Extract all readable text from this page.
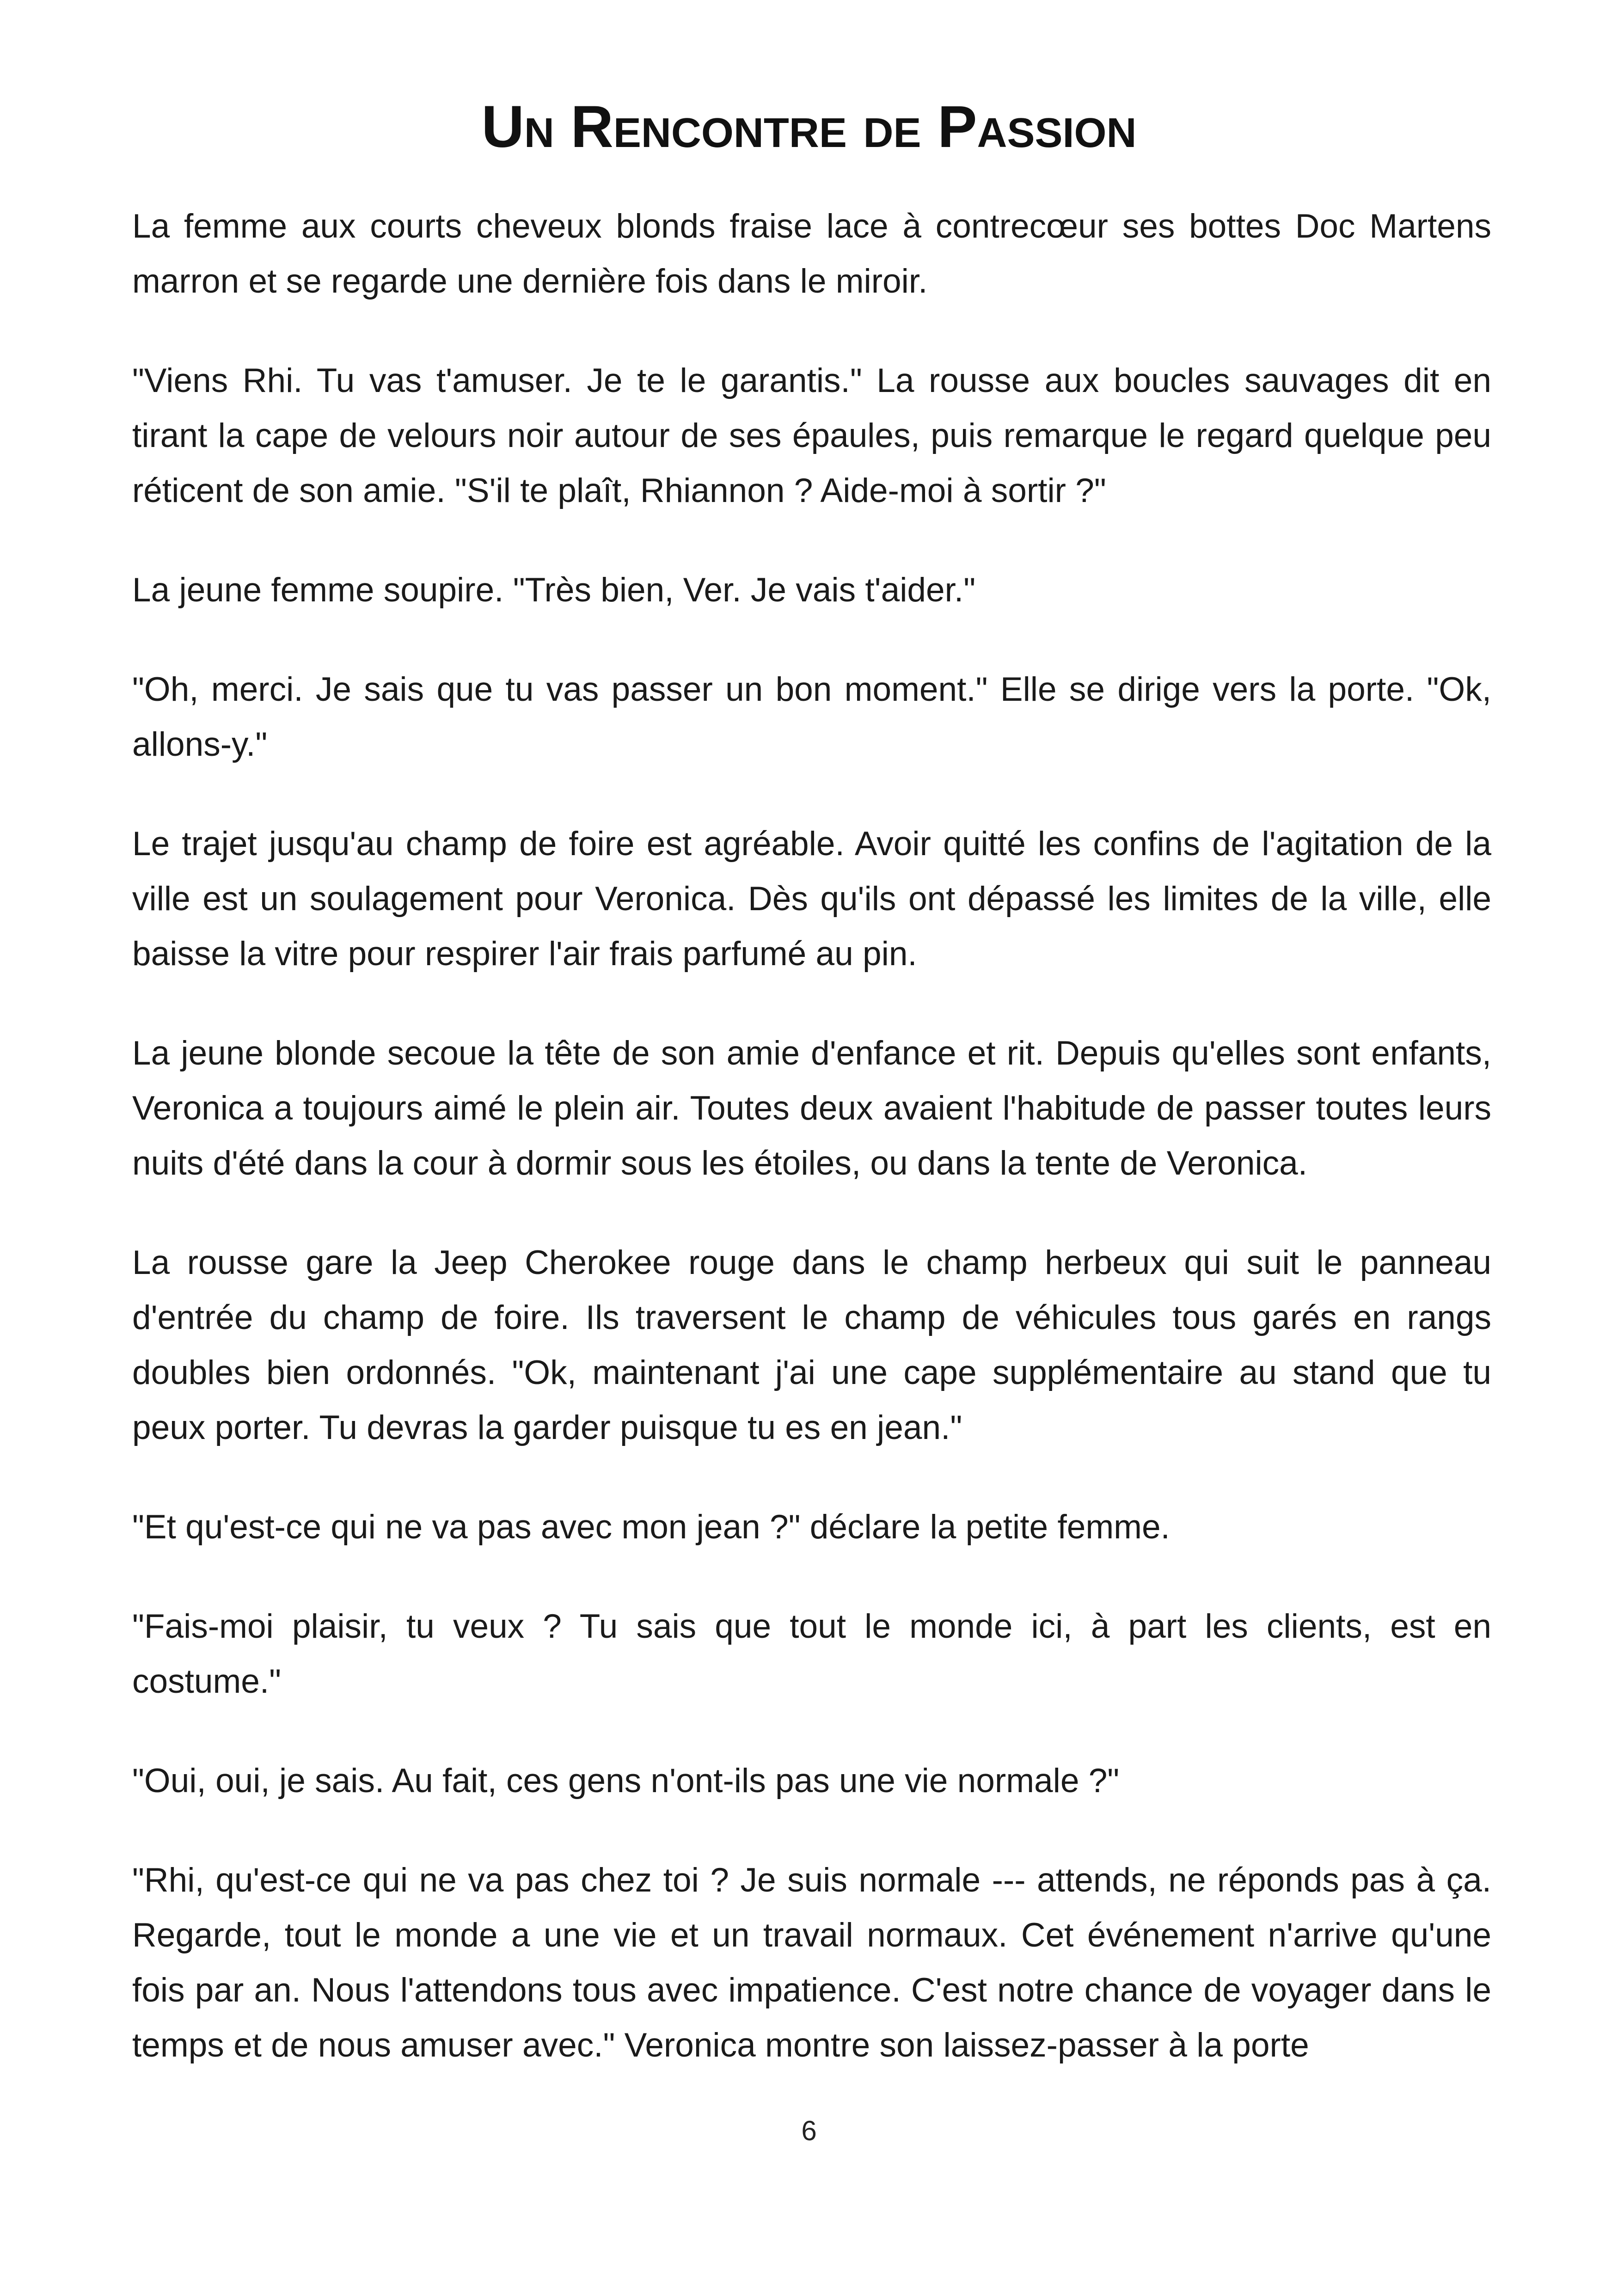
Un Rencontre de Passion

La femme aux courts cheveux blonds fraise lace à contrecœur ses bottes Doc Martens marron et se regarde une dernière fois dans le miroir.

"Viens Rhi. Tu vas t'amuser. Je te le garantis." La rousse aux boucles sauvages dit en tirant la cape de velours noir autour de ses épaules, puis remarque le regard quelque peu réticent de son amie. "S'il te plaît, Rhiannon ? Aide-moi à sortir ?"

La jeune femme soupire. "Très bien, Ver. Je vais t'aider."

"Oh, merci. Je sais que tu vas passer un bon moment." Elle se dirige vers la porte. "Ok, allons-y."

Le trajet jusqu'au champ de foire est agréable. Avoir quitté les confins de l'agitation de la ville est un soulagement pour Veronica. Dès qu'ils ont dépassé les limites de la ville, elle baisse la vitre pour respirer l'air frais parfumé au pin.

La jeune blonde secoue la tête de son amie d'enfance et rit. Depuis qu'elles sont enfants, Veronica a toujours aimé le plein air. Toutes deux avaient l'habitude de passer toutes leurs nuits d'été dans la cour à dormir sous les étoiles, ou dans la tente de Veronica.

La rousse gare la Jeep Cherokee rouge dans le champ herbeux qui suit le panneau d'entrée du champ de foire. Ils traversent le champ de véhicules tous garés en rangs doubles bien ordonnés. "Ok, maintenant j'ai une cape supplémentaire au stand que tu peux porter. Tu devras la garder puisque tu es en jean."

"Et qu'est-ce qui ne va pas avec mon jean ?" déclare la petite femme.

"Fais-moi plaisir, tu veux ? Tu sais que tout le monde ici, à part les clients, est en costume."

"Oui, oui, je sais. Au fait, ces gens n'ont-ils pas une vie normale ?"

"Rhi, qu'est-ce qui ne va pas chez toi ? Je suis normale --- attends, ne réponds pas à ça. Regarde, tout le monde a une vie et un travail normaux. Cet événement n'arrive qu'une fois par an. Nous l'attendons tous avec impatience. C'est notre chance de voyager dans le temps et de nous amuser avec." Veronica montre son laissez-passer à la porte

6
